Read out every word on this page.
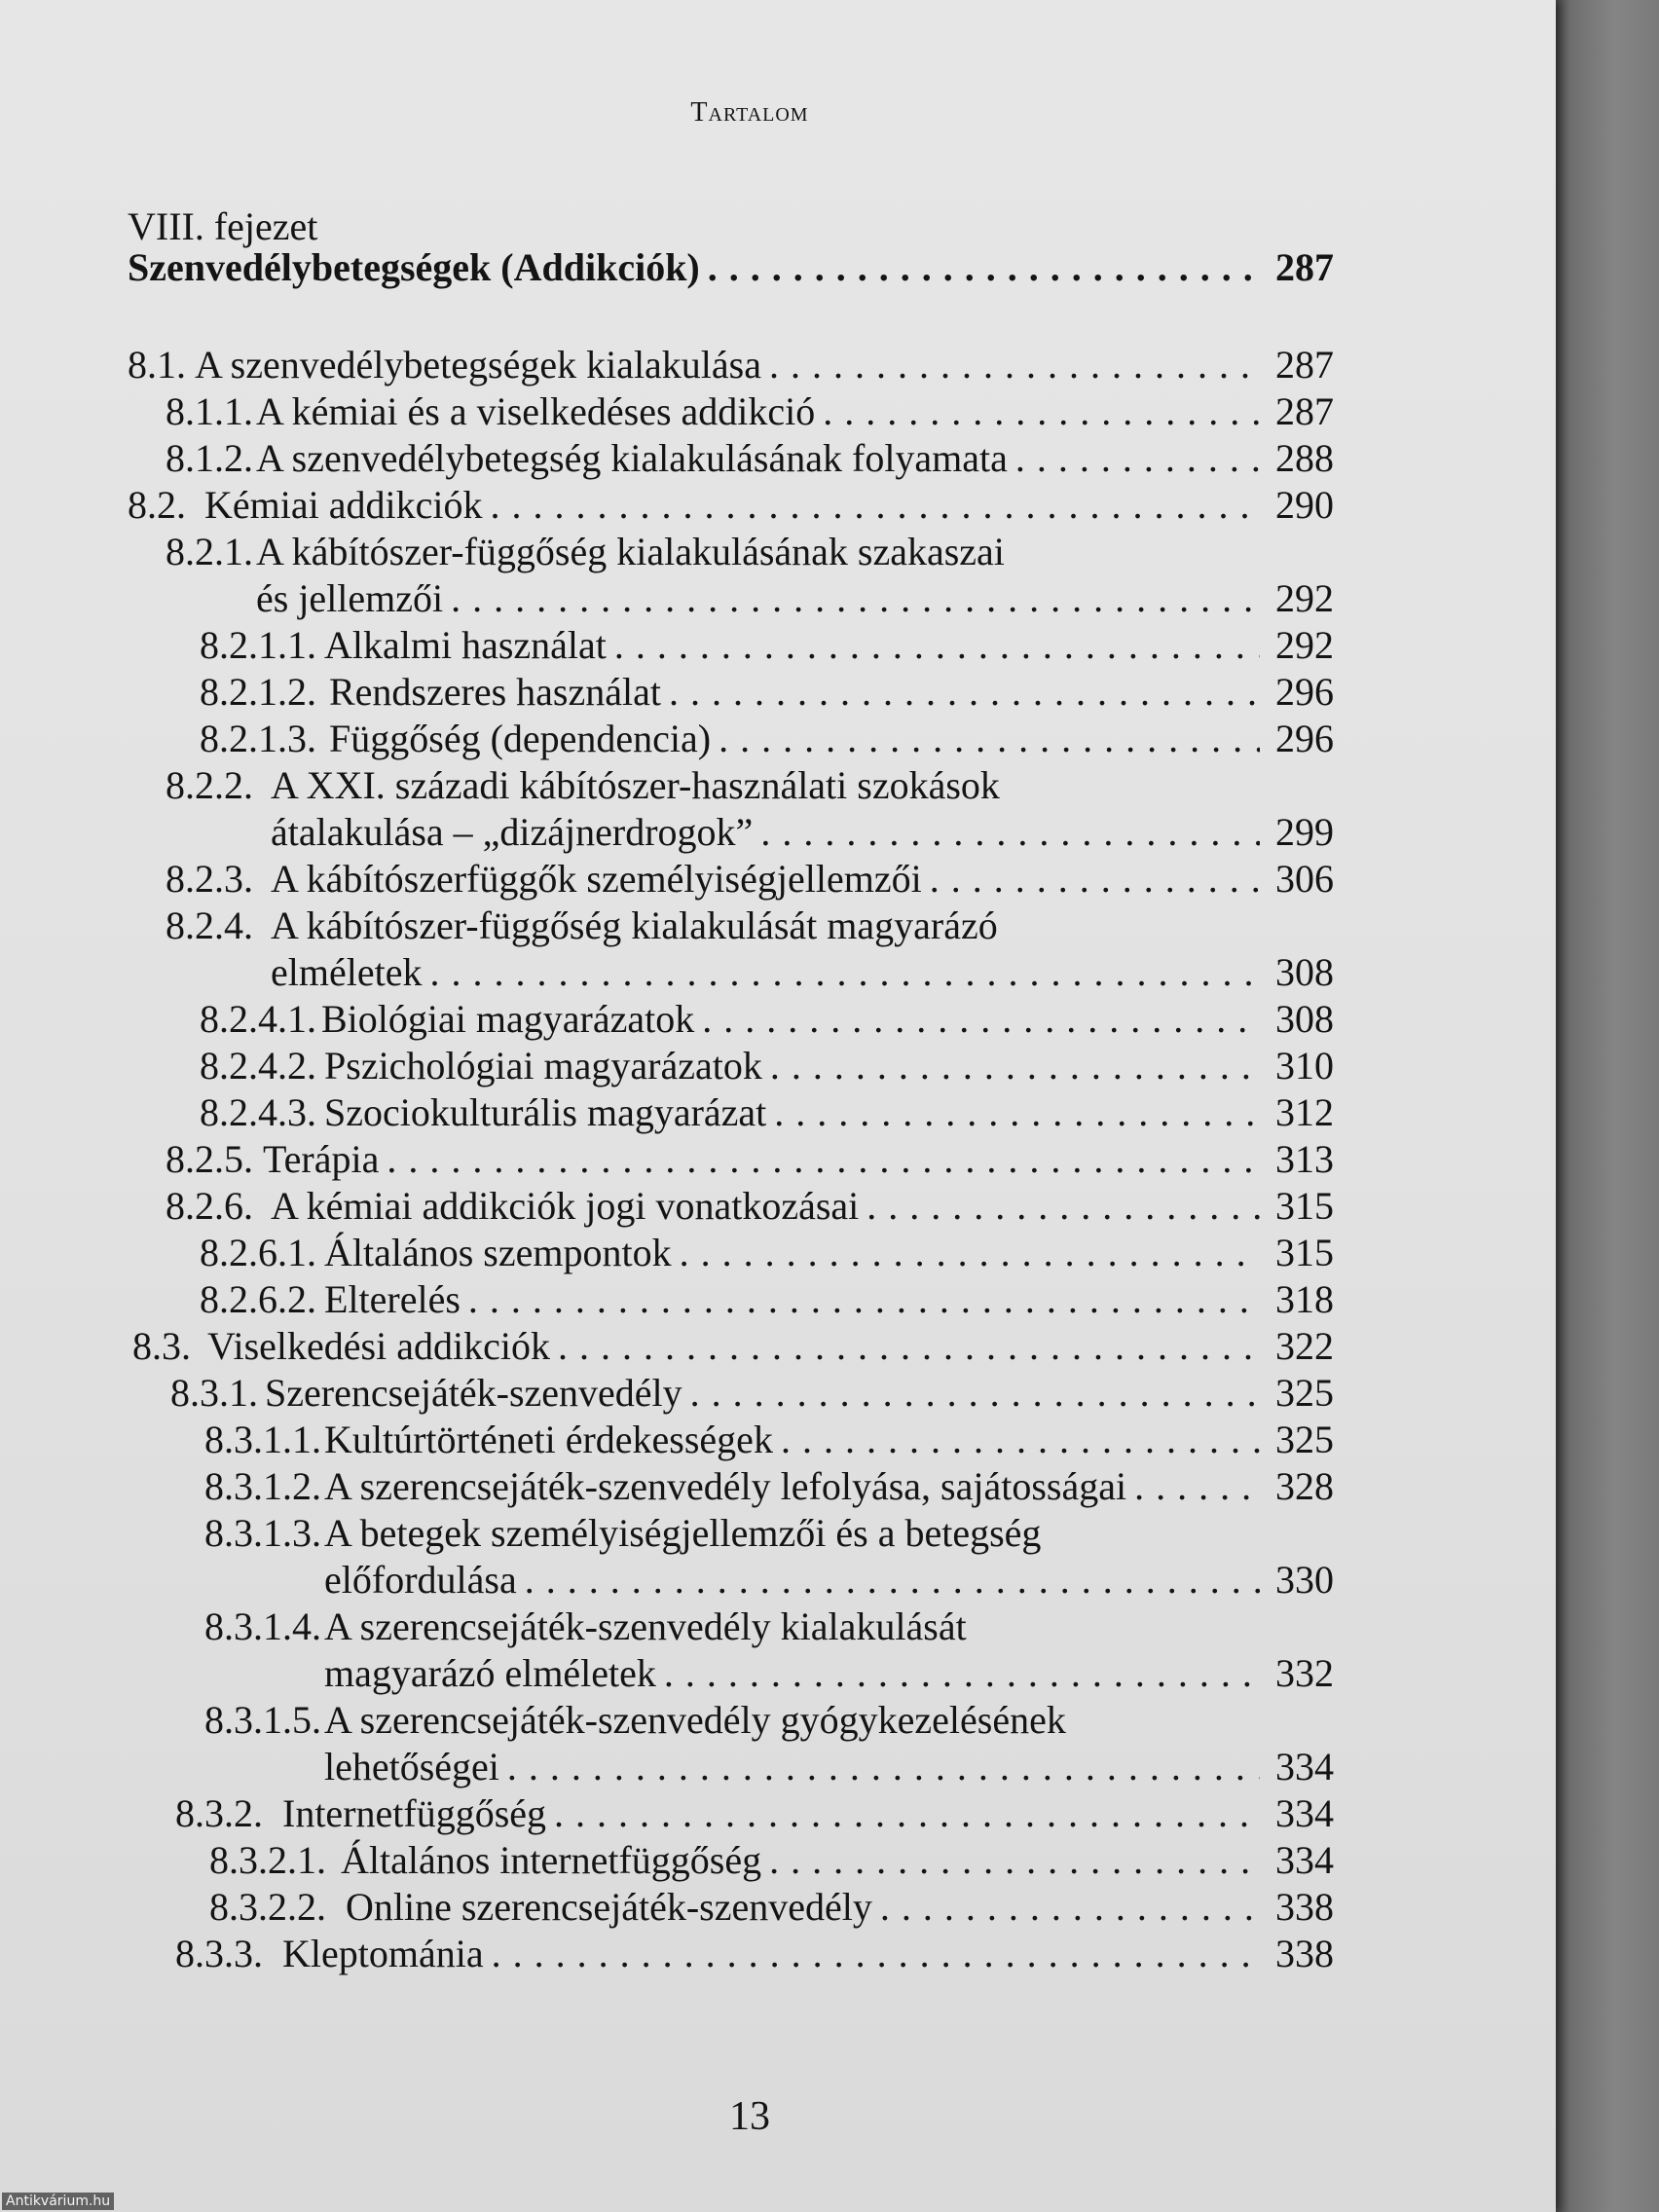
Tartalom
VIII. fejezet
Szenvedélybetegségek (Addikciók) . . .	287
8.1. A szenvedélybetegségek kialakulása . . .	287
8.1.1. A kémiai és a viselkedéses addikció . . .	287
8.1.2. A szenvedélybetegség kialakulásának folyamata . . .	288
8.2. Kémiai addikciók . . .	290
8.2.1. A kábítószer-függőség kialakulásának szakaszai
és jellemzői . . .	292
8.2.1.1. Alkalmi használat . . .	292
8.2.1.2. Rendszeres használat . . .	296
8.2.1.3. Függőség (dependencia) . . .	296
8.2.2. A XXI. századi kábítószer-használati szokások
átalakulása – „dizájnerdrogok” . . .	299
8.2.3. A kábítószerfüggők személyiségjellemzői . . .	306
8.2.4. A kábítószer-függőség kialakulását magyarázó
elméletek . . .	308
8.2.4.1. Biológiai magyarázatok . . .	308
8.2.4.2. Pszichológiai magyarázatok . . .	310
8.2.4.3. Szociokulturális magyarázat . . .	312
8.2.5. Terápia . . .	313
8.2.6. A kémiai addikciók jogi vonatkozásai . . .	315
8.2.6.1. Általános szempontok . . .	315
8.2.6.2. Elterelés . . .	318
8.3. Viselkedési addikciók . . .	322
8.3.1. Szerencsejáték-szenvedély . . .	325
8.3.1.1. Kultúrtörténeti érdekességek . . .	325
8.3.1.2. A szerencsejáték-szenvedély lefolyása, sajátosságai . . .	328
8.3.1.3. A betegek személyiségjellemzői és a betegség
előfordulása . . .	330
8.3.1.4. A szerencsejáték-szenvedély kialakulását
magyarázó elméletek . . .	332
8.3.1.5. A szerencsejáték-szenvedély gyógykezelésének
lehetőségei . . .	334
8.3.2. Internetfüggőség . . .	334
8.3.2.1. Általános internetfüggőség . . .	334
8.3.2.2. Online szerencsejáték-szenvedély . . .	338
8.3.3. Kleptománia . . .	338
13
Antikvárium.hu
